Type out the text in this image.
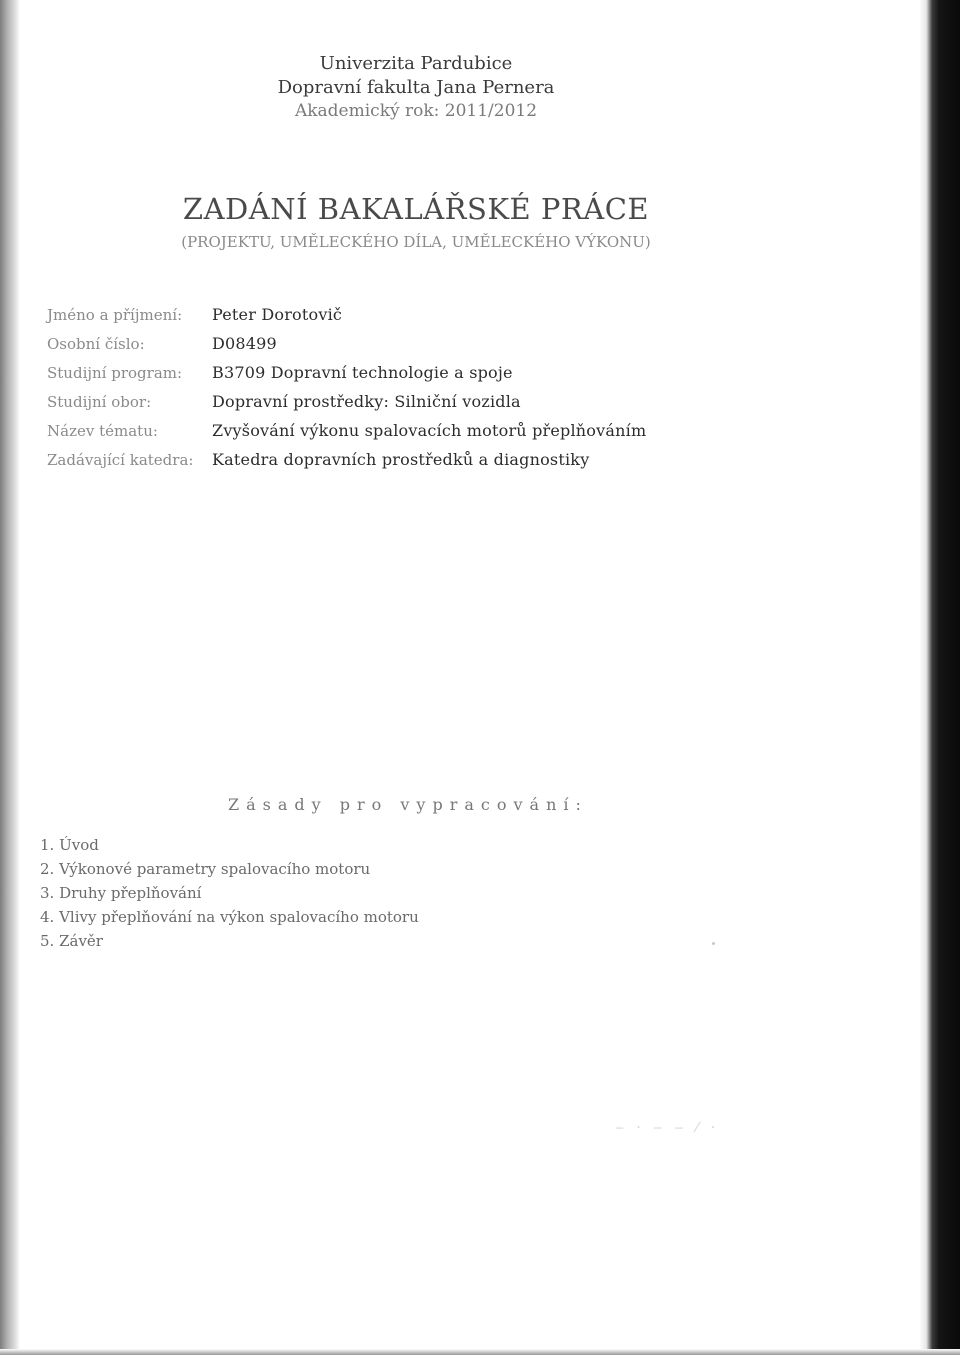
Univerzita Pardubice
Dopravní fakulta Jana Pernera
Akademický rok: 2011/2012
ZADÁNÍ BAKALÁŘSKÉ PRÁCE
(PROJEKTU, UMĚLECKÉHO DÍLA, UMĚLECKÉHO VÝKONU)
Jméno a příjmení:	Peter Dorotovič
Osobní číslo:	D08499
Studijní program:	B3709 Dopravní technologie a spoje
Studijní obor:	Dopravní prostředky: Silniční vozidla
Název tématu:	Zvyšování výkonu spalovacích motorů přeplňováním
Zadávající katedra:	Katedra dopravních prostředků a diagnostiky
Zásady pro vypracování:
1. Úvod
2. Výkonové parametry spalovacího motoru
3. Druhy přeplňování
4. Vlivy přeplňování na výkon spalovacího motoru
5. Závěr
‒ · ‒ ‒ ⁄ ·
